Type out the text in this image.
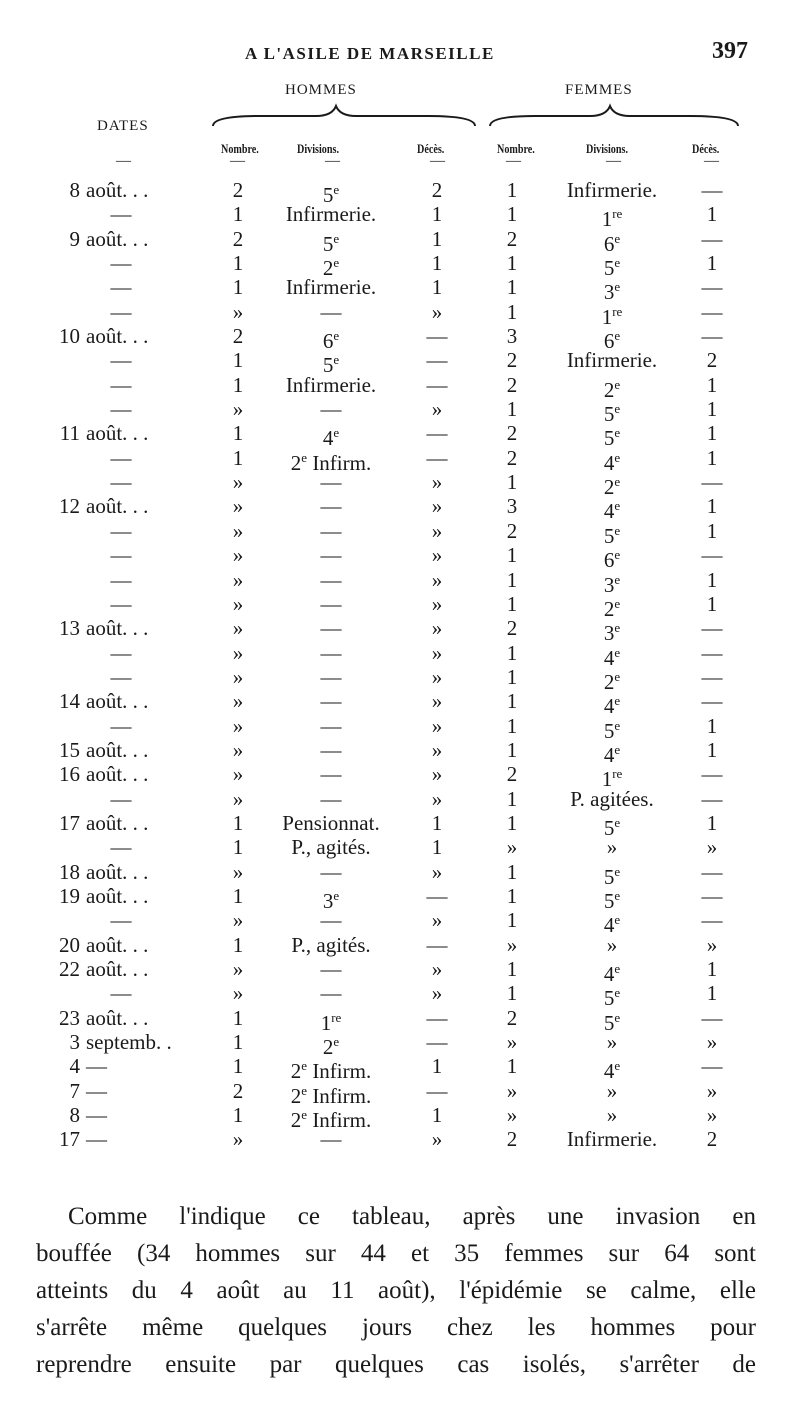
A L'ASILE DE MARSEILLE	397
DATES
HOMMES	FEMMES
Nombre.	Divisions.	Décès.	Nombre.	Divisions.	Décès.
—	—	—	—	—	—	—
8 août. . .	2	5e	2	1	Infirmerie.	—
—	1	Infirmerie.	1	1	1re	1
9 août. . .	2	5e	1	2	6e	—
—	1	2e	1	1	5e	1
—	1	Infirmerie.	1	1	3e	—
—	»	—	»	1	1re	—
10 août. . .	2	6e	—	3	6e	—
—	1	5e	—	2	Infirmerie.	2
—	1	Infirmerie.	—	2	2e	1
—	»	—	»	1	5e	1
11 août. . .	1	4e	—	2	5e	1
—	1	2e Infirm.	—	2	4e	1
—	»	—	»	1	2e	—
12 août. . .	»	—	»	3	4e	1
—	»	—	»	2	5e	1
—	»	—	»	1	6e	—
—	»	—	»	1	3e	1
—	»	—	»	1	2e	1
13 août. . .	»	—	»	2	3e	—
—	»	—	»	1	4e	—
—	»	—	»	1	2e	—
14 août. . .	»	—	»	1	4e	—
—	»	—	»	1	5e	1
15 août. . .	»	—	»	1	4e	1
16 août. . .	»	—	»	2	1re	—
—	»	—	»	1	P. agitées.	—
17 août. . .	1	Pensionnat.	1	1	5e	1
—	1	P., agités.	1	»	»	»
18 août. . .	»	—	»	1	5e	—
19 août. . .	1	3e	—	1	5e	—
—	»	—	»	1	4e	—
20 août. . .	1	P., agités.	—	»	»	»
22 août. . .	»	—	»	1	4e	1
—	»	—	»	1	5e	1
23 août. . .	1	1re	—	2	5e	—
3 septemb. .	1	2e	—	»	»	»
4 —	1	2e Infirm.	1	1	4e	—
7 —	2	2e Infirm.	—	»	»	»
8 —	1	2e Infirm.	1	»	»	»
17 —	»	—	»	2	Infirmerie.	2
Comme l'indique ce tableau, après une invasion en
bouffée (34 hommes sur 44 et 35 femmes sur 64 sont
atteints du 4 août au 11 août), l'épidémie se calme, elle
s'arrête même quelques jours chez les hommes pour
reprendre ensuite par quelques cas isolés, s'arrêter de
